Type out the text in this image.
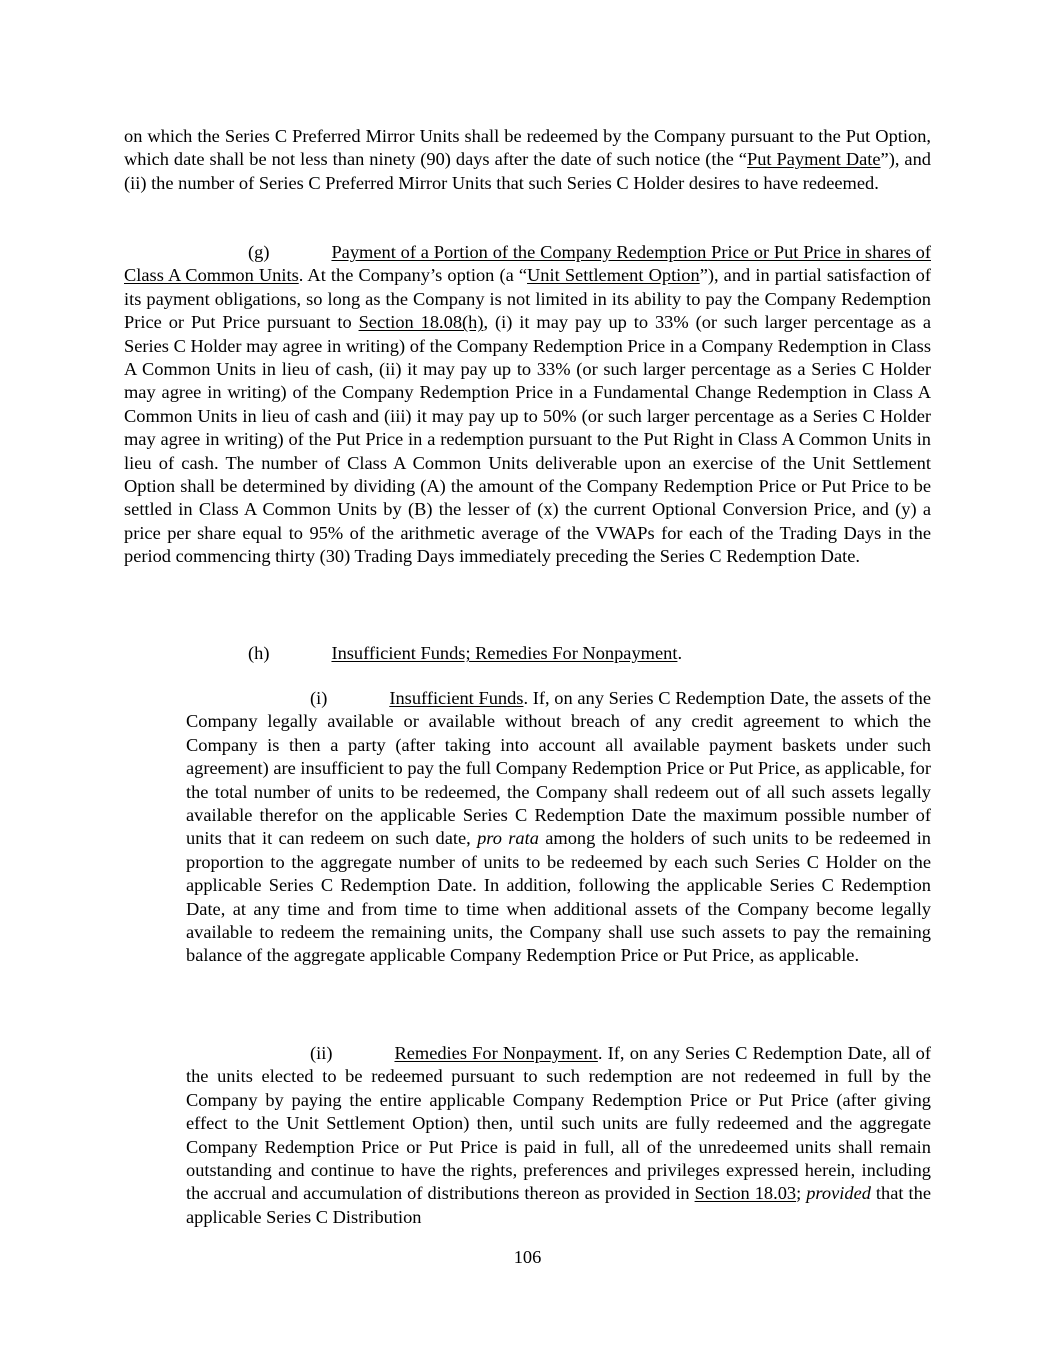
on which the Series C Preferred Mirror Units shall be redeemed by the Company pursuant to the Put Option, which date shall be not less than ninety (90) days after the date of such notice (the “Put Payment Date”), and (ii) the number of Series C Preferred Mirror Units that such Series C Holder desires to have redeemed.

(g)	Payment of a Portion of the Company Redemption Price or Put Price in shares of Class A Common Units. At the Company’s option (a “Unit Settlement Option”), and in partial satisfaction of its payment obligations, so long as the Company is not limited in its ability to pay the Company Redemption Price or Put Price pursuant to Section 18.08(h), (i) it may pay up to 33% (or such larger percentage as a Series C Holder may agree in writing) of the Company Redemption Price in a Company Redemption in Class A Common Units in lieu of cash, (ii) it may pay up to 33% (or such larger percentage as a Series C Holder may agree in writing) of the Company Redemption Price in a Fundamental Change Redemption in Class A Common Units in lieu of cash and (iii) it may pay up to 50% (or such larger percentage as a Series C Holder may agree in writing) of the Put Price in a redemption pursuant to the Put Right in Class A Common Units in lieu of cash. The number of Class A Common Units deliverable upon an exercise of the Unit Settlement Option shall be determined by dividing (A) the amount of the Company Redemption Price or Put Price to be settled in Class A Common Units by (B) the lesser of (x) the current Optional Conversion Price, and (y) a price per share equal to 95% of the arithmetic average of the VWAPs for each of the Trading Days in the period commencing thirty (30) Trading Days immediately preceding the Series C Redemption Date.

(h)	Insufficient Funds; Remedies For Nonpayment.

(i)	Insufficient Funds. If, on any Series C Redemption Date, the assets of the Company legally available or available without breach of any credit agreement to which the Company is then a party (after taking into account all available payment baskets under such agreement) are insufficient to pay the full Company Redemption Price or Put Price, as applicable, for the total number of units to be redeemed, the Company shall redeem out of all such assets legally available therefor on the applicable Series C Redemption Date the maximum possible number of units that it can redeem on such date, pro rata among the holders of such units to be redeemed in proportion to the aggregate number of units to be redeemed by each such Series C Holder on the applicable Series C Redemption Date. In addition, following the applicable Series C Redemption Date, at any time and from time to time when additional assets of the Company become legally available to redeem the remaining units, the Company shall use such assets to pay the remaining balance of the aggregate applicable Company Redemption Price or Put Price, as applicable.

(ii)	Remedies For Nonpayment. If, on any Series C Redemption Date, all of the units elected to be redeemed pursuant to such redemption are not redeemed in full by the Company by paying the entire applicable Company Redemption Price or Put Price (after giving effect to the Unit Settlement Option) then, until such units are fully redeemed and the aggregate Company Redemption Price or Put Price is paid in full, all of the unredeemed units shall remain outstanding and continue to have the rights, preferences and privileges expressed herein, including the accrual and accumulation of distributions thereon as provided in Section 18.03; provided that the applicable Series C Distribution

106
